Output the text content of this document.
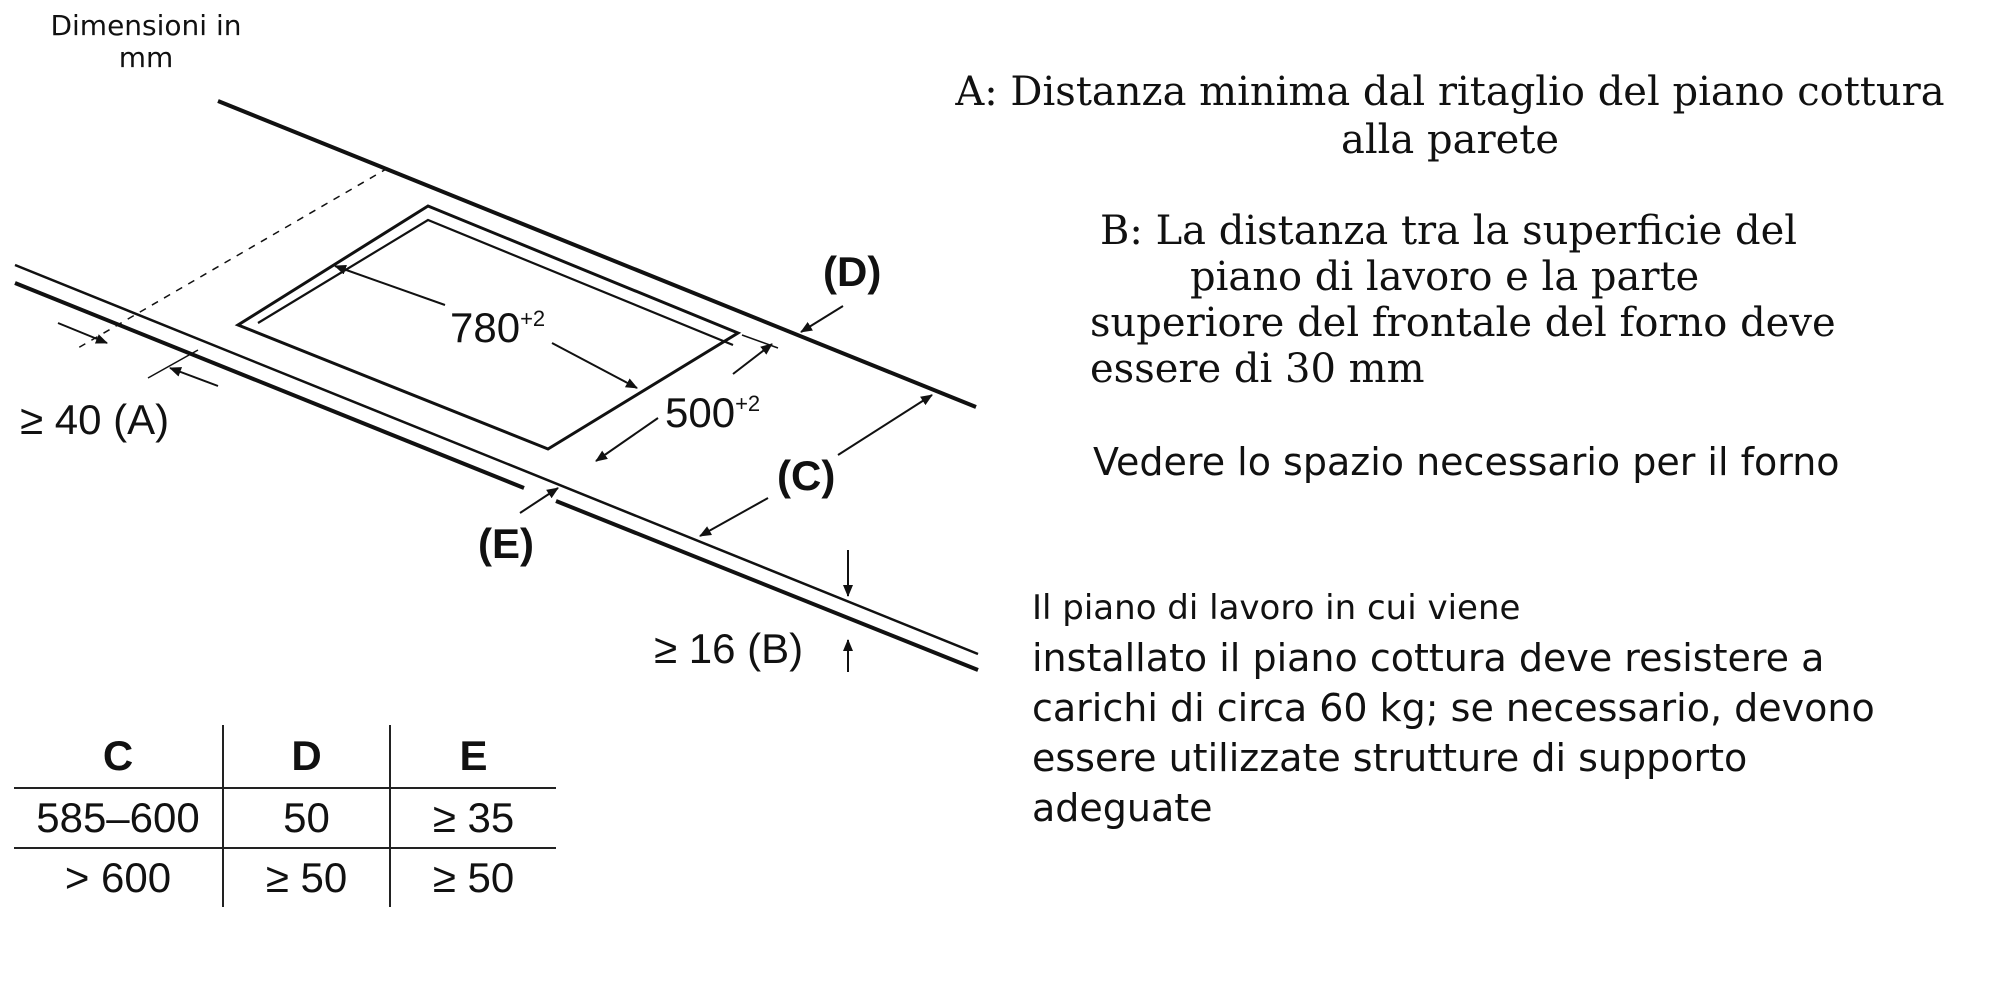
$780^{+2}$
$500^{+2}$
(D)
(C)
(E)
≥ 40 (A)
≥ 16 (B)
Dimensioni in mm

A: Distanza minima dal ritaglio del piano cottura alla parete

B: La distanza tra la superficie del
piano di lavoro e la parte
superiore del frontale del forno deve
essere di 30 mm

Vedere lo spazio necessario per il forno

Il piano di lavoro in cui viene
installato il piano cottura deve resistere a
carichi di circa 60 kg; se necessario, devono
essere utilizzate strutture di supporto
adeguate

C	D	E
585–600	50	≥ 35
> 600	≥ 50	≥ 50
